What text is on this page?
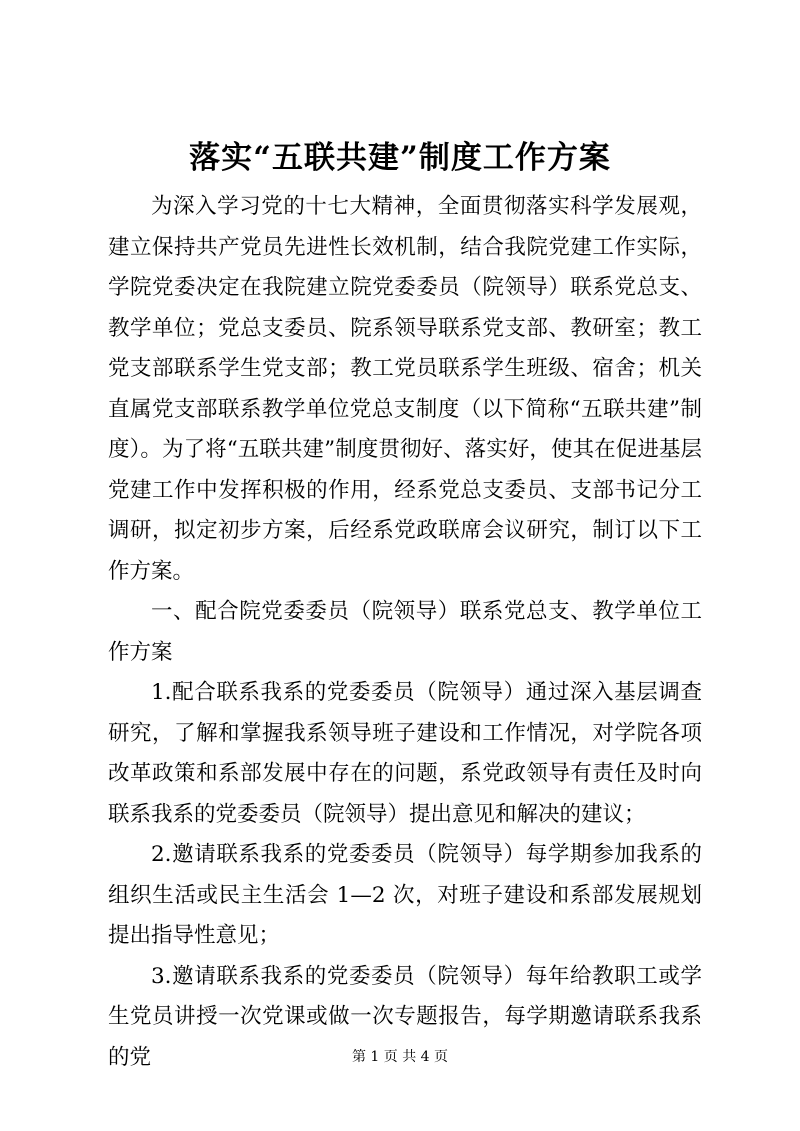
落实“五联共建”制度工作方案

为深入学习党的十七大精神，全面贯彻落实科学发展观，建立保持共产党员先进性长效机制，结合我院党建工作实际，学院党委决定在我院建立院党委委员（院领导）联系党总支、教学单位；党总支委员、院系领导联系党支部、教研室；教工党支部联系学生党支部；教工党员联系学生班级、宿舍；机关直属党支部联系教学单位党总支制度（以下简称“五联共建”制度）。为了将“五联共建”制度贯彻好、落实好，使其在促进基层党建工作中发挥积极的作用，经系党总支委员、支部书记分工调研，拟定初步方案，后经系党政联席会议研究，制订以下工作方案。

一、配合院党委委员（院领导）联系党总支、教学单位工作方案

1.配合联系我系的党委委员（院领导）通过深入基层调查研究，了解和掌握我系领导班子建设和工作情况，对学院各项改革政策和系部发展中存在的问题，系党政领导有责任及时向联系我系的党委委员（院领导）提出意见和解决的建议；

2.邀请联系我系的党委委员（院领导）每学期参加我系的组织生活或民主生活会 1—2 次，对班子建设和系部发展规划提出指导性意见；

3.邀请联系我系的党委委员（院领导）每年给教职工或学生党员讲授一次党课或做一次专题报告，每学期邀请联系我系的党	第 1 页 共 4 页
